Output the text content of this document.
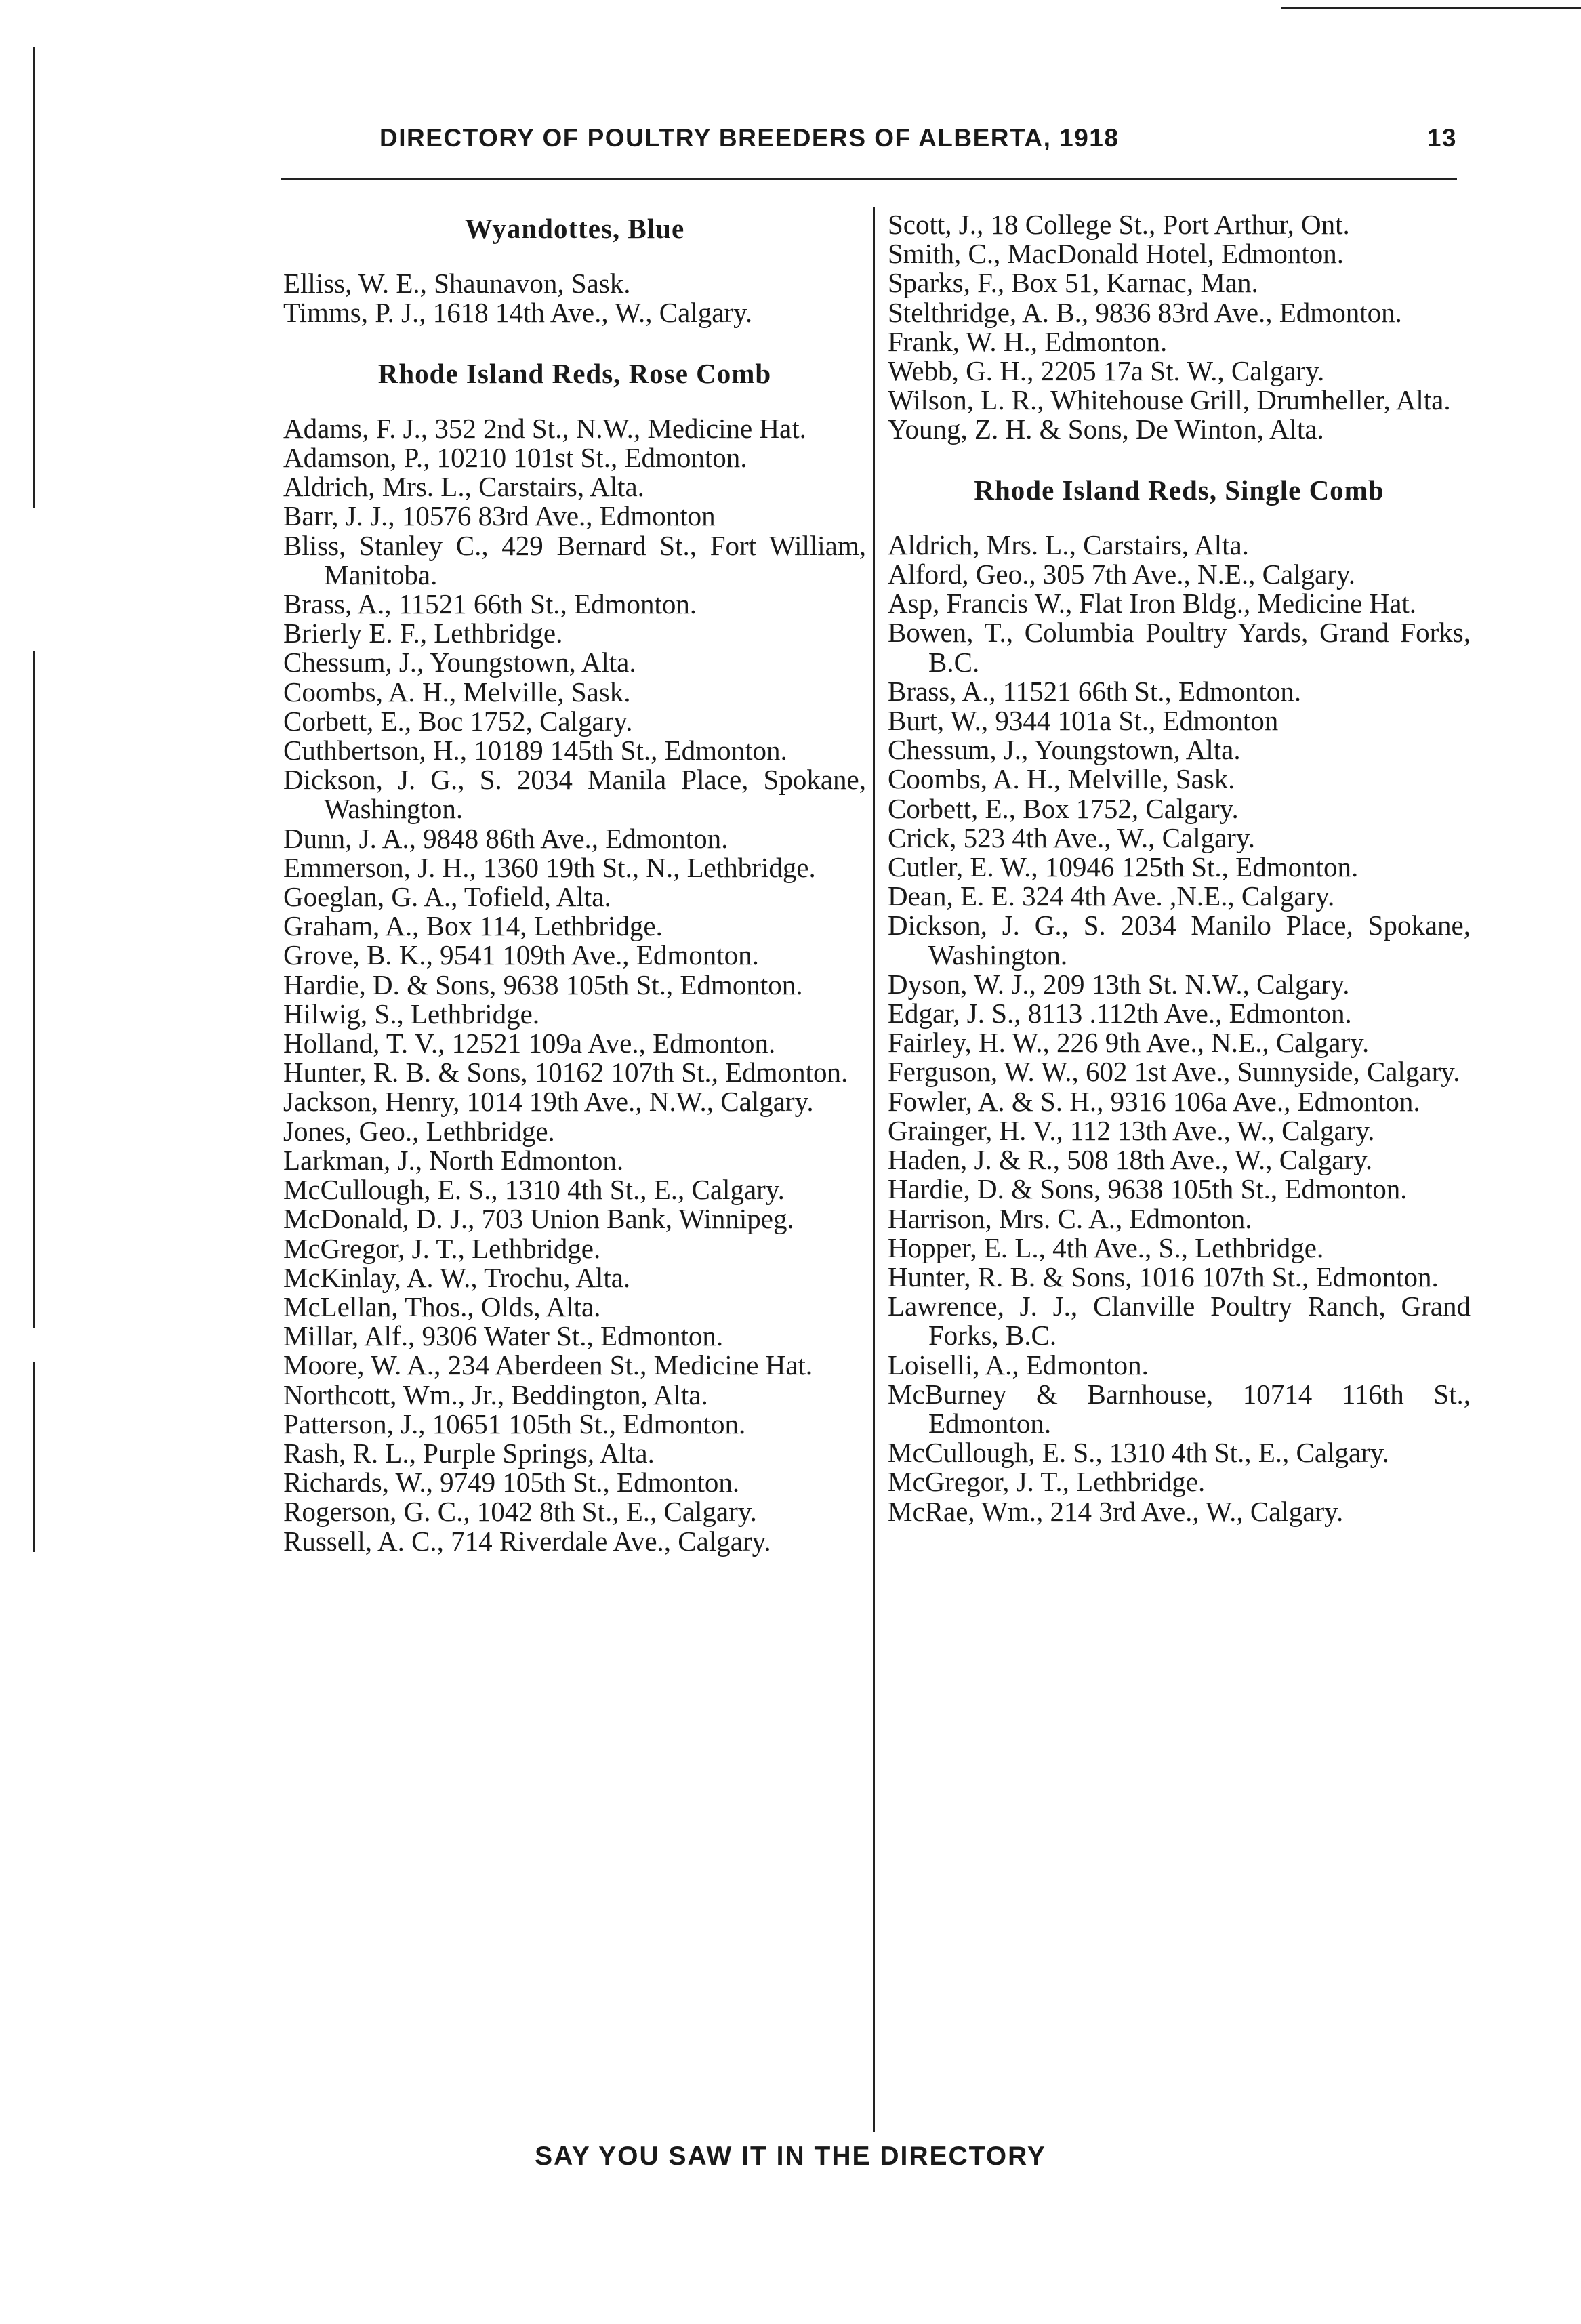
DIRECTORY OF POULTRY BREEDERS OF ALBERTA, 1918	13
Wyandottes, Blue
Elliss, W. E., Shaunavon, Sask.
Timms, P. J., 1618 14th Ave., W., Calgary.
Rhode Island Reds, Rose Comb
Adams, F. J., 352 2nd St., N.W., Medicine Hat.
Adamson, P., 10210 101st St., Edmonton.
Aldrich, Mrs. L., Carstairs, Alta.
Barr, J. J., 10576 83rd Ave., Edmonton
Bliss, Stanley C., 429 Bernard St., Fort William, Manitoba.
Brass, A., 11521 66th St., Edmonton.
Brierly E. F., Lethbridge.
Chessum, J., Youngstown, Alta.
Coombs, A. H., Melville, Sask.
Corbett, E., Boc 1752, Calgary.
Cuthbertson, H., 10189 145th St., Edmonton.
Dickson, J. G., S. 2034 Manila Place, Spokane, Washington.
Dunn, J. A., 9848 86th Ave., Edmonton.
Emmerson, J. H., 1360 19th St., N., Lethbridge.
Goeglan, G. A., Tofield, Alta.
Graham, A., Box 114, Lethbridge.
Grove, B. K., 9541 109th Ave., Edmonton.
Hardie, D. & Sons, 9638 105th St., Edmonton.
Hilwig, S., Lethbridge.
Holland, T. V., 12521 109a Ave., Edmonton.
Hunter, R. B. & Sons, 10162 107th St., Edmonton.
Jackson, Henry, 1014 19th Ave., N.W., Calgary.
Jones, Geo., Lethbridge.
Larkman, J., North Edmonton.
McCullough, E. S., 1310 4th St., E., Calgary.
McDonald, D. J., 703 Union Bank, Winnipeg.
McGregor, J. T., Lethbridge.
McKinlay, A. W., Trochu, Alta.
McLellan, Thos., Olds, Alta.
Millar, Alf., 9306 Water St., Edmonton.
Moore, W. A., 234 Aberdeen St., Medicine Hat.
Northcott, Wm., Jr., Beddington, Alta.
Patterson, J., 10651 105th St., Edmonton.
Rash, R. L., Purple Springs, Alta.
Richards, W., 9749 105th St., Edmonton.
Rogerson, G. C., 1042 8th St., E., Calgary.
Russell, A. C., 714 Riverdale Ave., Calgary.
Scott, J., 18 College St., Port Arthur, Ont.
Smith, C., MacDonald Hotel, Edmonton.
Sparks, F., Box 51, Karnac, Man.
Stelthridge, A. B., 9836 83rd Ave., Edmonton.
Frank, W. H., Edmonton.
Webb, G. H., 2205 17a St. W., Calgary.
Wilson, L. R., Whitehouse Grill, Drumheller, Alta.
Young, Z. H. & Sons, De Winton, Alta.
Rhode Island Reds, Single Comb
Aldrich, Mrs. L., Carstairs, Alta.
Alford, Geo., 305 7th Ave., N.E., Calgary.
Asp, Francis W., Flat Iron Bldg., Medicine Hat.
Bowen, T., Columbia Poultry Yards, Grand Forks, B.C.
Brass, A., 11521 66th St., Edmonton.
Burt, W., 9344 101a St., Edmonton
Chessum, J., Youngstown, Alta.
Coombs, A. H., Melville, Sask.
Corbett, E., Box 1752, Calgary.
Crick, 523 4th Ave., W., Calgary.
Cutler, E. W., 10946 125th St., Edmonton.
Dean, E. E. 324 4th Ave. ,N.E., Calgary.
Dickson, J. G., S. 2034 Manilo Place, Spokane, Washington.
Dyson, W. J., 209 13th St. N.W., Calgary.
Edgar, J. S., 8113 .112th Ave., Edmonton.
Fairley, H. W., 226 9th Ave., N.E., Calgary.
Ferguson, W. W., 602 1st Ave., Sunnyside, Calgary.
Fowler, A. & S. H., 9316 106a Ave., Edmonton.
Grainger, H. V., 112 13th Ave., W., Calgary.
Haden, J. & R., 508 18th Ave., W., Calgary.
Hardie, D. & Sons, 9638 105th St., Edmonton.
Harrison, Mrs. C. A., Edmonton.
Hopper, E. L., 4th Ave., S., Lethbridge.
Hunter, R. B. & Sons, 1016 107th St., Edmonton.
Lawrence, J. J., Clanville Poultry Ranch, Grand Forks, B.C.
Loiselli, A., Edmonton.
McBurney & Barnhouse, 10714 116th St., Edmonton.
McCullough, E. S., 1310 4th St., E., Calgary.
McGregor, J. T., Lethbridge.
McRae, Wm., 214 3rd Ave., W., Calgary.
SAY YOU SAW IT IN THE DIRECTORY
